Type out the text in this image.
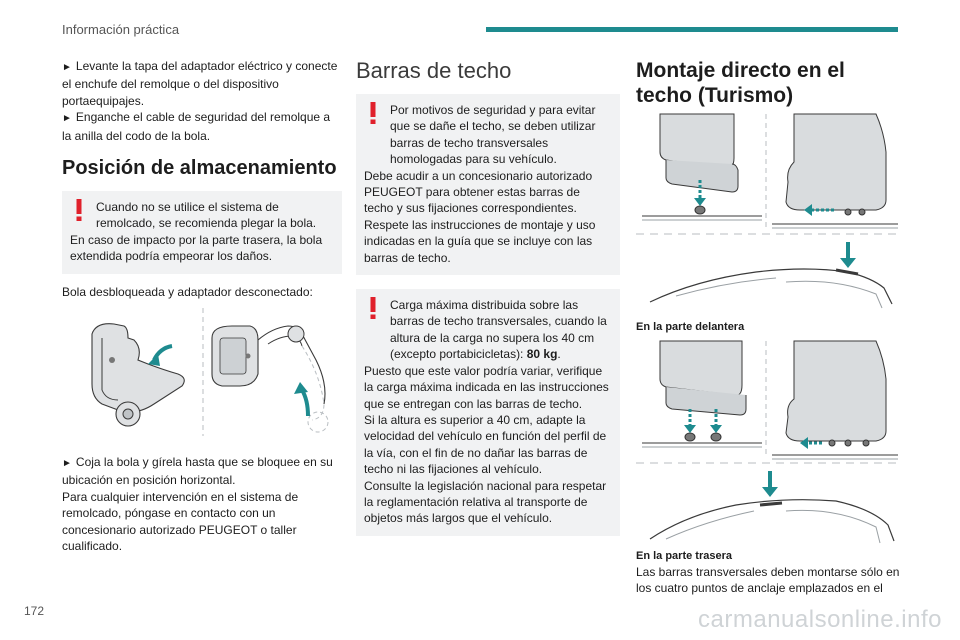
Información práctica

► Levante la tapa del adaptador eléctrico y conecte el enchufe del remolque o del dispositivo portaequipajes.

► Enganche el cable de seguridad del remolque a la anilla del codo de la bola.

Posición de almacenamiento

Cuando no se utilice el sistema de remolcado, se recomienda plegar la bola.

En caso de impacto por la parte trasera, la bola extendida podría empeorar los daños.

Bola desbloqueada y adaptador desconectado:

► Coja la bola y gírela hasta que se bloquee en su ubicación en posición horizontal.

Para cualquier intervención en el sistema de remolcado, póngase en contacto con un concesionario autorizado PEUGEOT o taller cualificado.

Barras de techo

Por motivos de seguridad y para evitar que se dañe el techo, se deben utilizar barras de techo transversales homologadas para su vehículo.

Debe acudir a un concesionario autorizado PEUGEOT para obtener estas barras de techo y sus fijaciones correspondientes.

Respete las instrucciones de montaje y uso indicadas en la guía que se incluye con las barras de techo.

Carga máxima distribuida sobre las barras de techo transversales, cuando la altura de la carga no supera los 40 cm (excepto portabicicletas): 80 kg.

Puesto que este valor podría variar, verifique la carga máxima indicada en las instrucciones que se entregan con las barras de techo.

Si la altura es superior a 40 cm, adapte la velocidad del vehículo en función del perfil de la vía, con el fin de no dañar las barras de techo ni las fijaciones al vehículo.

Consulte la legislación nacional para respetar la reglamentación relativa al transporte de objetos más largos que el vehículo.

Montaje directo en el techo (Turismo)

En la parte delantera

En la parte trasera

Las barras transversales deben montarse sólo en los cuatro puntos de anclaje emplazados en el

172	carmanualsonline.info
